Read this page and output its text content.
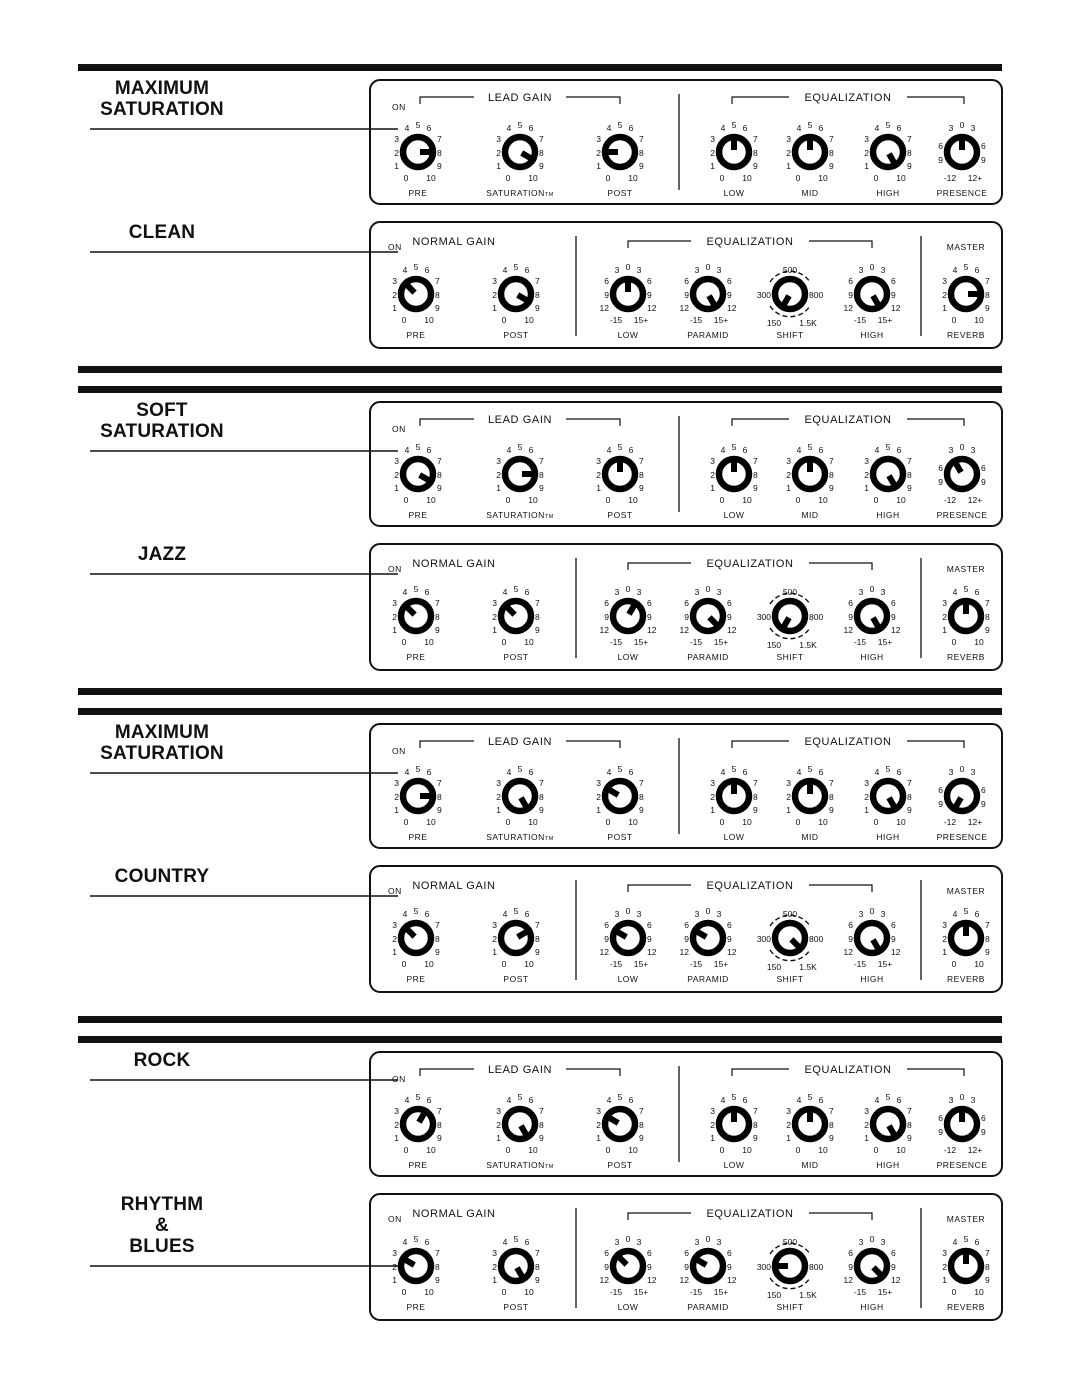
MAXIMUM
SATURATION	ON
LEAD GAIN	EQUALIZATION
4 5 6
3
2
1
7
8
9
0 10
PRE
4 5 6
3
2
1
7
8
9
0 10
SATURATIONTM
4 5 6
3
2
1
7
8
9
0 10
POST
4 5 6
3
2
1
7
8
9
0 10
LOW
4 5 6
3
2
1
7
8
9
0 10
MID
4 5 6
3
2
1
7
8
9
0 10
HIGH
3 0 3
6
9
6
9
-12 12+
PRESENCE
CLEAN
ON NORMAL GAIN	EQUALIZATION	MASTER
4 5 6
3
2
1
7
8
9
0 10
PRE
4 5 6
3
2
1
7
8
9
0 10
POST
3 0 3
6
9
12
6
9
12
-15 15+
LOW
3 0 3
6
9
12
6
9
12
-15 15+
PARAMID
500
300	800
150 1.5K
SHIFT
3 0 3
6
9
12
6
9
12
-15 15+
HIGH
4 5 6
3
2
1
7
8
9
0 10
REVERB
SOFT
SATURATION	ON
LEAD GAIN	EQUALIZATION
4 5 6
3
2
1
7
8
9
0 10
PRE
4 5 6
3
2
1
7
8
9
0 10
SATURATIONTM
4 5 6
3
2
1
7
8
9
0 10
POST
4 5 6
3
2
1
7
8
9
0 10
LOW
4 5 6
3
2
1
7
8
9
0 10
MID
4 5 6
3
2
1
7
8
9
0 10
HIGH
3 0 3
6
9
6
9
-12 12+
PRESENCE
JAZZ
ON NORMAL GAIN	EQUALIZATION	MASTER
4 5 6
3
2
1
7
8
9
0 10
PRE
4 5 6
3
2
1
7
8
9
0 10
POST
3 0 3
6
9
12
6
9
12
-15 15+
LOW
3 0 3
6
9
12
6
9
12
-15 15+
PARAMID
500
300	800
150 1.5K
SHIFT
3 0 3
6
9
12
6
9
12
-15 15+
HIGH
4 5 6
3
2
1
7
8
9
0 10
REVERB
MAXIMUM
SATURATION	ON
LEAD GAIN	EQUALIZATION
4 5 6
3
2
1
7
8
9
0 10
PRE
4 5 6
3
2
1
7
8
9
0 10
SATURATIONTM
4 5 6
3
2
1
7
8
9
0 10
POST
4 5 6
3
2
1
7
8
9
0 10
LOW
4 5 6
3
2
1
7
8
9
0 10
MID
4 5 6
3
2
1
7
8
9
0 10
HIGH
3 0 3
6
9
6
9
-12 12+
PRESENCE
COUNTRY
ON NORMAL GAIN	EQUALIZATION	MASTER
4 5 6
3
2
1
7
8
9
0 10
PRE
4 5 6
3
2
1
7
8
9
0 10
POST
3 0 3
6
9
12
6
9
12
-15 15+
LOW
3 0 3
6
9
12
6
9
12
-15 15+
PARAMID
500
300	800
150 1.5K
SHIFT
3 0 3
6
9
12
6
9
12
-15 15+
HIGH
4 5 6
3
2
1
7
8
9
0 10
REVERB
ROCK
ON
LEAD GAIN	EQUALIZATION
4 5 6
3
2
1
7
8
9
0 10
PRE
4 5 6
3
2
1
7
8
9
0 10
SATURATIONTM
4 5 6
3
2
1
7
8
9
0 10
POST
4 5 6
3
2
1
7
8
9
0 10
LOW
4 5 6
3
2
1
7
8
9
0 10
MID
4 5 6
3
2
1
7
8
9
0 10
HIGH
3 0 3
6
9
6
9
-12 12+
PRESENCE
RHYTHM
&
BLUES
ON NORMAL GAIN	EQUALIZATION	MASTER
4 5 6
3
2
1
7
8
9
0 10
PRE
4 5 6
3
2
1
7
8
9
0 10
POST
3 0 3
6
9
12
6
9
12
-15 15+
LOW
3 0 3
6
9
12
6
9
12
-15 15+
PARAMID
500
300	800
150 1.5K
SHIFT
3 0 3
6
9
12
6
9
12
-15 15+
HIGH
4 5 6
3
2
1
7
8
9
0 10
REVERB
